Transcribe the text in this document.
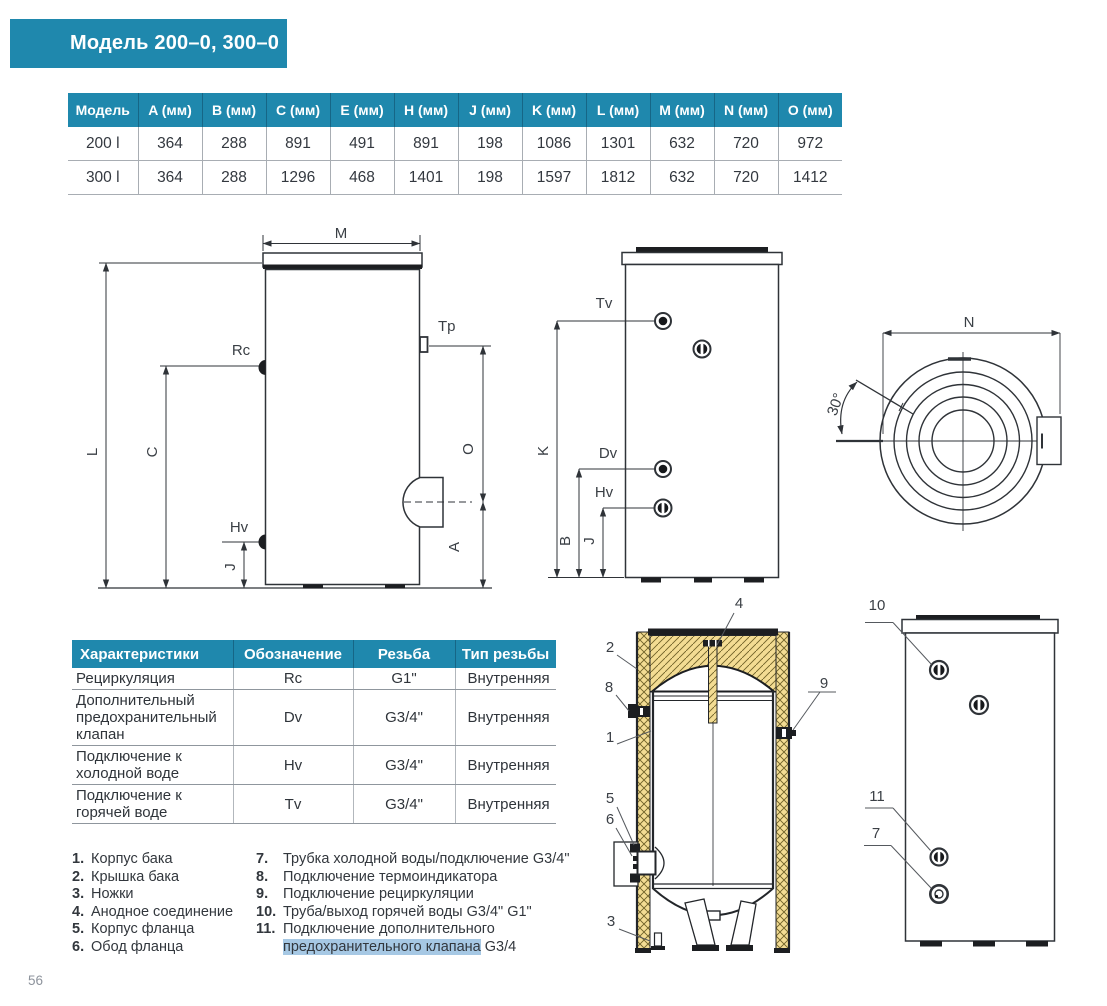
Модель 200–0, 300–0
Модель	A (мм)	B (мм)	C (мм)	E (мм)	H (мм)	J (мм)	K (мм)	L (мм)	M (мм)	N (мм)	O (мм)
200 l	364	288	891	491	891	198	1086	1301	632	720	972
300 l	364	288	1296	468	1401	198	1597	1812	632	720	1412
M
L	C
Rc
Hv
J
Tp
O
A
K
B J
Tv
Dv
Hv
N
30°
4
2
8	9
1
5
6
3
10
11
7
Характеристики	Обозначение	Резьба	Тип резьбы
Рециркуляция	Rc	G1"	Внутренняя
Дополнительный предохранительный клапан	Dv	G3/4"	Внутренняя
Подключение к холодной воде	Hv	G3/4"	Внутренняя
Подключение к горячей воде	Tv	G3/4"	Внутренняя
1. Корпус бака
2. Крышка бака
3. Ножки
4. Анодное соединение
5. Корпус фланца
6. Обод фланца
7.	Трубка холодной воды/подключение G3/4"
8.	Подключение термоиндикатора
9.	Подключение рециркуляции
10. Труба/выход горячей воды G3/4" G1"
11. Подключение дополнительного предохранительного клапана G3/4
56
